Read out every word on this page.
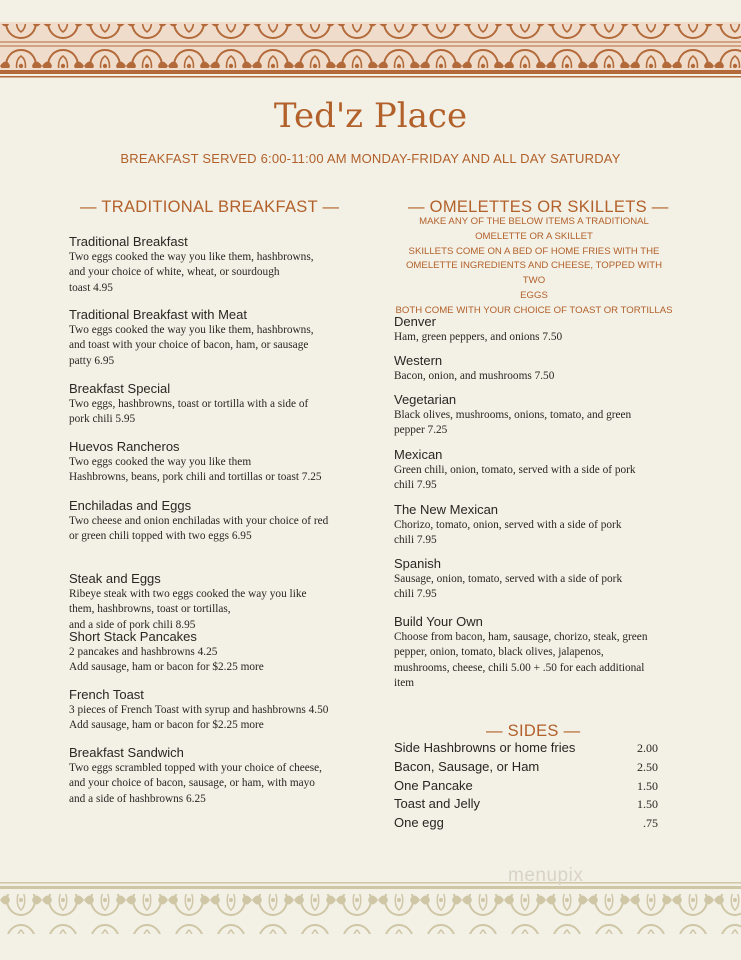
Ted'z Place
BREAKFAST SERVED 6:00-11:00 AM MONDAY-FRIDAY AND ALL DAY SATURDAY
— TRADITIONAL BREAKFAST —
Traditional Breakfast
Two eggs cooked the way you like them, hashbrowns,
and your choice of white, wheat, or sourdough
toast 4.95
Traditional Breakfast with Meat
Two eggs cooked the way you like them, hashbrowns,
and toast with your choice of bacon, ham, or sausage
patty 6.95
Breakfast Special
Two eggs, hashbrowns, toast or tortilla with a side of
pork chili 5.95
Huevos Rancheros
Two eggs cooked the way you like them
Hashbrowns, beans, pork chili and tortillas or toast 7.25
Enchiladas and Eggs
Two cheese and onion enchiladas with your choice of red
or green chili topped with two eggs 6.95
Steak and Eggs
Ribeye steak with two eggs cooked the way you like
them, hashbrowns, toast or tortillas,
and a side of pork chili 8.95
Short Stack Pancakes
2 pancakes and hashbrowns 4.25
Add sausage, ham or bacon for $2.25 more
French Toast
3 pieces of French Toast with syrup and hashbrowns 4.50
Add sausage, ham or bacon for $2.25 more
Breakfast Sandwich
Two eggs scrambled topped with your choice of cheese,
and your choice of bacon, sausage, or ham, with mayo
and a side of hashbrowns 6.25
— OMELETTES OR SKILLETS —
MAKE ANY OF THE BELOW ITEMS A TRADITIONAL
OMELETTE OR A SKILLET
SKILLETS COME ON A BED OF HOME FRIES WITH THE
OMELETTE INGREDIENTS AND CHEESE, TOPPED WITH TWO
EGGS
BOTH COME WITH YOUR CHOICE OF TOAST OR TORTILLAS
Denver
Ham, green peppers, and onions 7.50
Western
Bacon, onion, and mushrooms 7.50
Vegetarian
Black olives, mushrooms, onions, tomato, and green
pepper 7.25
Mexican
Green chili, onion, tomato, served with a side of pork
chili 7.95
The New Mexican
Chorizo, tomato, onion, served with a side of pork
chili 7.95
Spanish
Sausage, onion, tomato, served with a side of pork
chili 7.95
Build Your Own
Choose from bacon, ham, sausage, chorizo, steak, green
pepper, onion, tomato, black olives, jalapenos,
mushrooms, cheese, chili 5.00 + .50 for each additional
item
— SIDES —
Side Hashbrowns or home fries	2.00
Bacon, Sausage, or Ham	2.50
One Pancake	1.50
Toast and Jelly	1.50
One egg	.75
menupix
